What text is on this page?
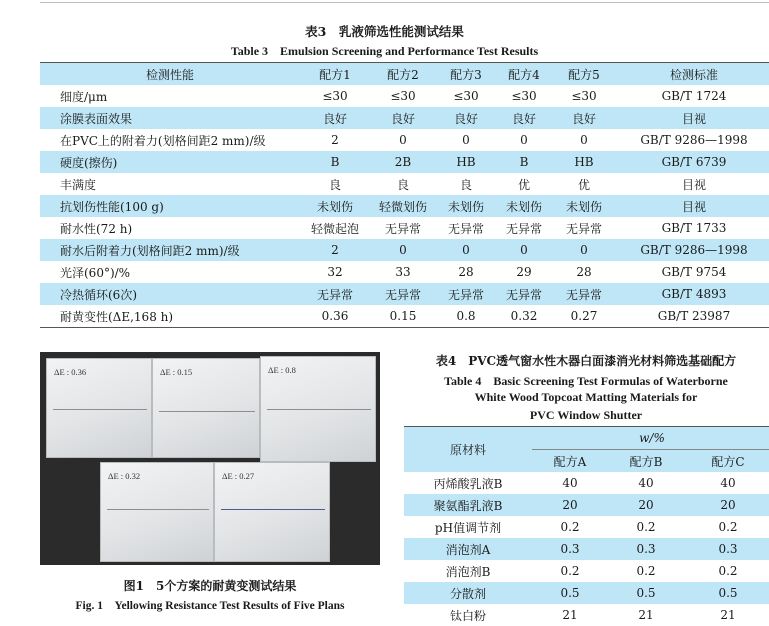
表3　乳液筛选性能测试结果
Table 3　Emulsion Screening and Performance Test Results
检测性能	配方1	配方2	配方3	配方4	配方5	检测标准
细度/μm	≤30	≤30	≤30	≤30	≤30	GB/T 1724
涂膜表面效果	良好	良好	良好	良好	良好	目视
在PVC上的附着力(划格间距2 mm)/级	2	0	0	0	0	GB/T 9286—1998
硬度(擦伤)	B	2B	HB	B	HB	GB/T 6739
丰满度	良	良	良	优	优	目视
抗划伤性能(100 g)	未划伤	轻微划伤	未划伤	未划伤	未划伤	目视
耐水性(72 h)	轻微起泡	无异常	无异常	无异常	无异常	GB/T 1733
耐水后附着力(划格间距2 mm)/级	2	0	0	0	0	GB/T 9286—1998
光泽(60°)/%	32	33	28	29	28	GB/T 9754
冷热循环(6次)	无异常	无异常	无异常	无异常	无异常	GB/T 4893
耐黄变性(ΔE,168 h)	0.36	0.15	0.8	0.32	0.27	GB/T 23987
ΔE : 0.36	ΔE : 0.15	ΔE : 0.8
ΔE : 0.32	ΔE : 0.27
图1　5个方案的耐黄变测试结果
Fig. 1　Yellowing Resistance Test Results of Five Plans
表4　PVC透气窗水性木器白面漆消光材料筛选基础配方
Table 4　Basic Screening Test Formulas of Waterborne
White Wood Topcoat Matting Materials for
PVC Window Shutter
原材料	w/%		
	配方A	配方B	配方C
丙烯酸乳液B	40	40	40
聚氨酯乳液B	20	20	20
pH值调节剂	0.2	0.2	0.2
消泡剂A	0.3	0.3	0.3
消泡剂B	0.2	0.2	0.2
分散剂	0.5	0.5	0.5
钛白粉	21	21	21
